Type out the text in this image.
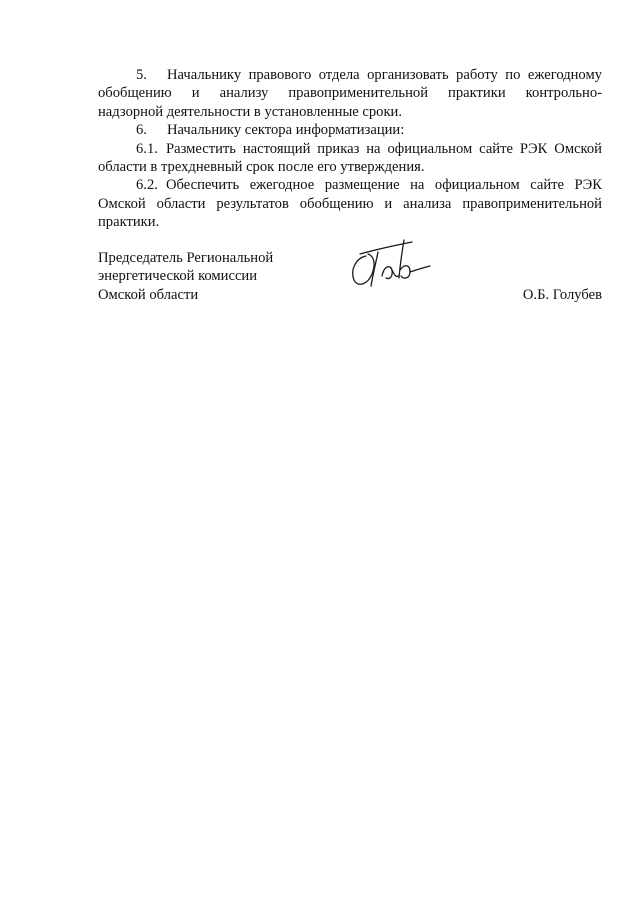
5. Начальнику правового отдела организовать работу по ежегодному

обобщению и анализу правоприменительной практики контрольно-

надзорной деятельности в установленные сроки.

6. Начальнику сектора информатизации:

6.1. Разместить настоящий приказ на официальном сайте РЭК Омской

области в трехдневный срок после его утверждения.

6.2. Обеспечить ежегодное размещение на официальном сайте РЭК

Омской области результатов обобщению и анализа правоприменительной

практики.

Председатель Региональной

энергетической комиссии

Омской области	О.Б. Голубев
